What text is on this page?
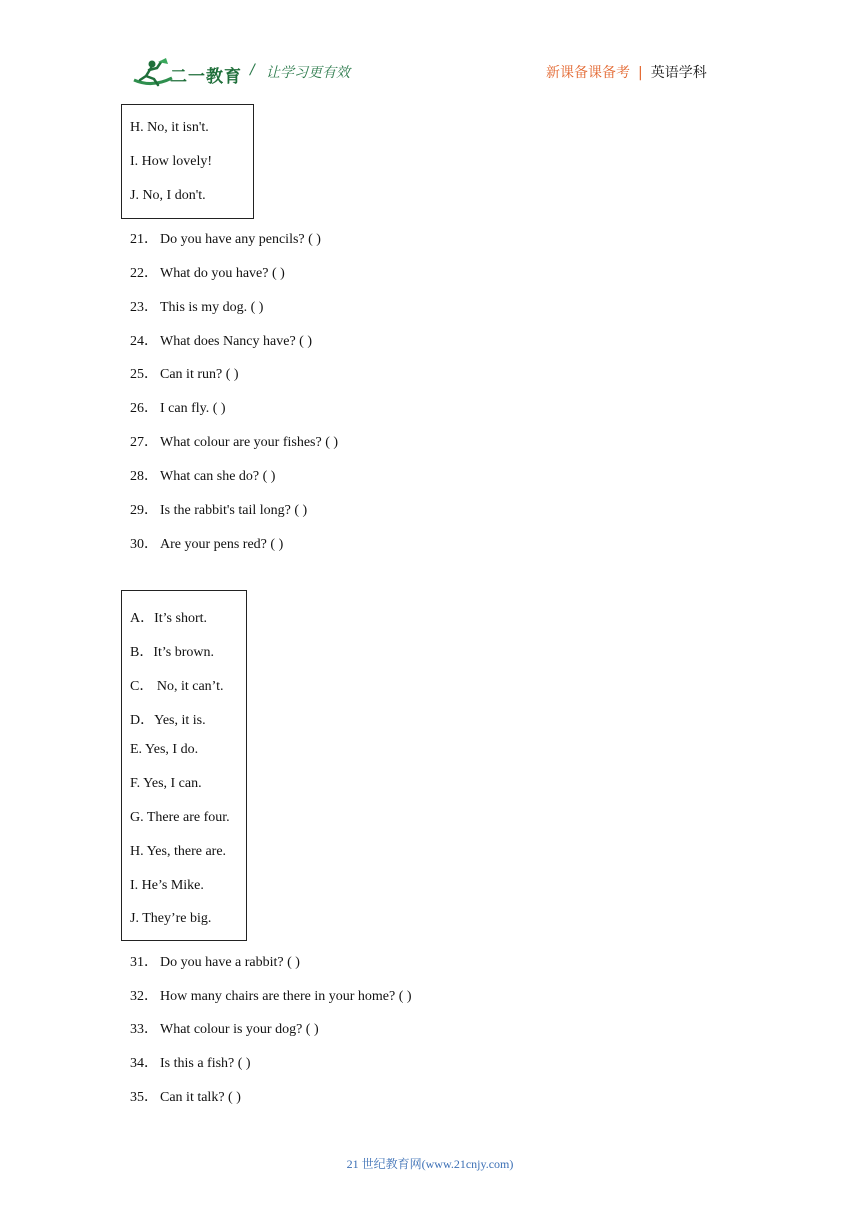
二一教育 / 让学习更有效	新课备课备考 | 英语学科
H. No, it isn't.
I. How lovely!
J. No, I don't.
21． Do you have any pencils? ( )
22． What do you have? ( )
23． This is my dog. ( )
24． What does Nancy have? ( )
25． Can it run? ( )
26． I can fly. ( )
27． What colour are your fishes? ( )
28． What can she do? ( )
29． Is the rabbit's tail long? ( )
30． Are your pens red? ( )
A．It’s short.
B．It’s brown.
C． No, it can’t.
D．Yes, it is.
E. Yes, I do.
F. Yes, I can.
G. There are four.
H. Yes, there are.
I. He’s Mike.
J. They’re big.
31． Do you have a rabbit? ( )
32． How many chairs are there in your home? ( )
33． What colour is your dog? ( )
34． Is this a fish? ( )
35． Can it talk? ( )
21 世纪教育网(www.21cnjy.com)
